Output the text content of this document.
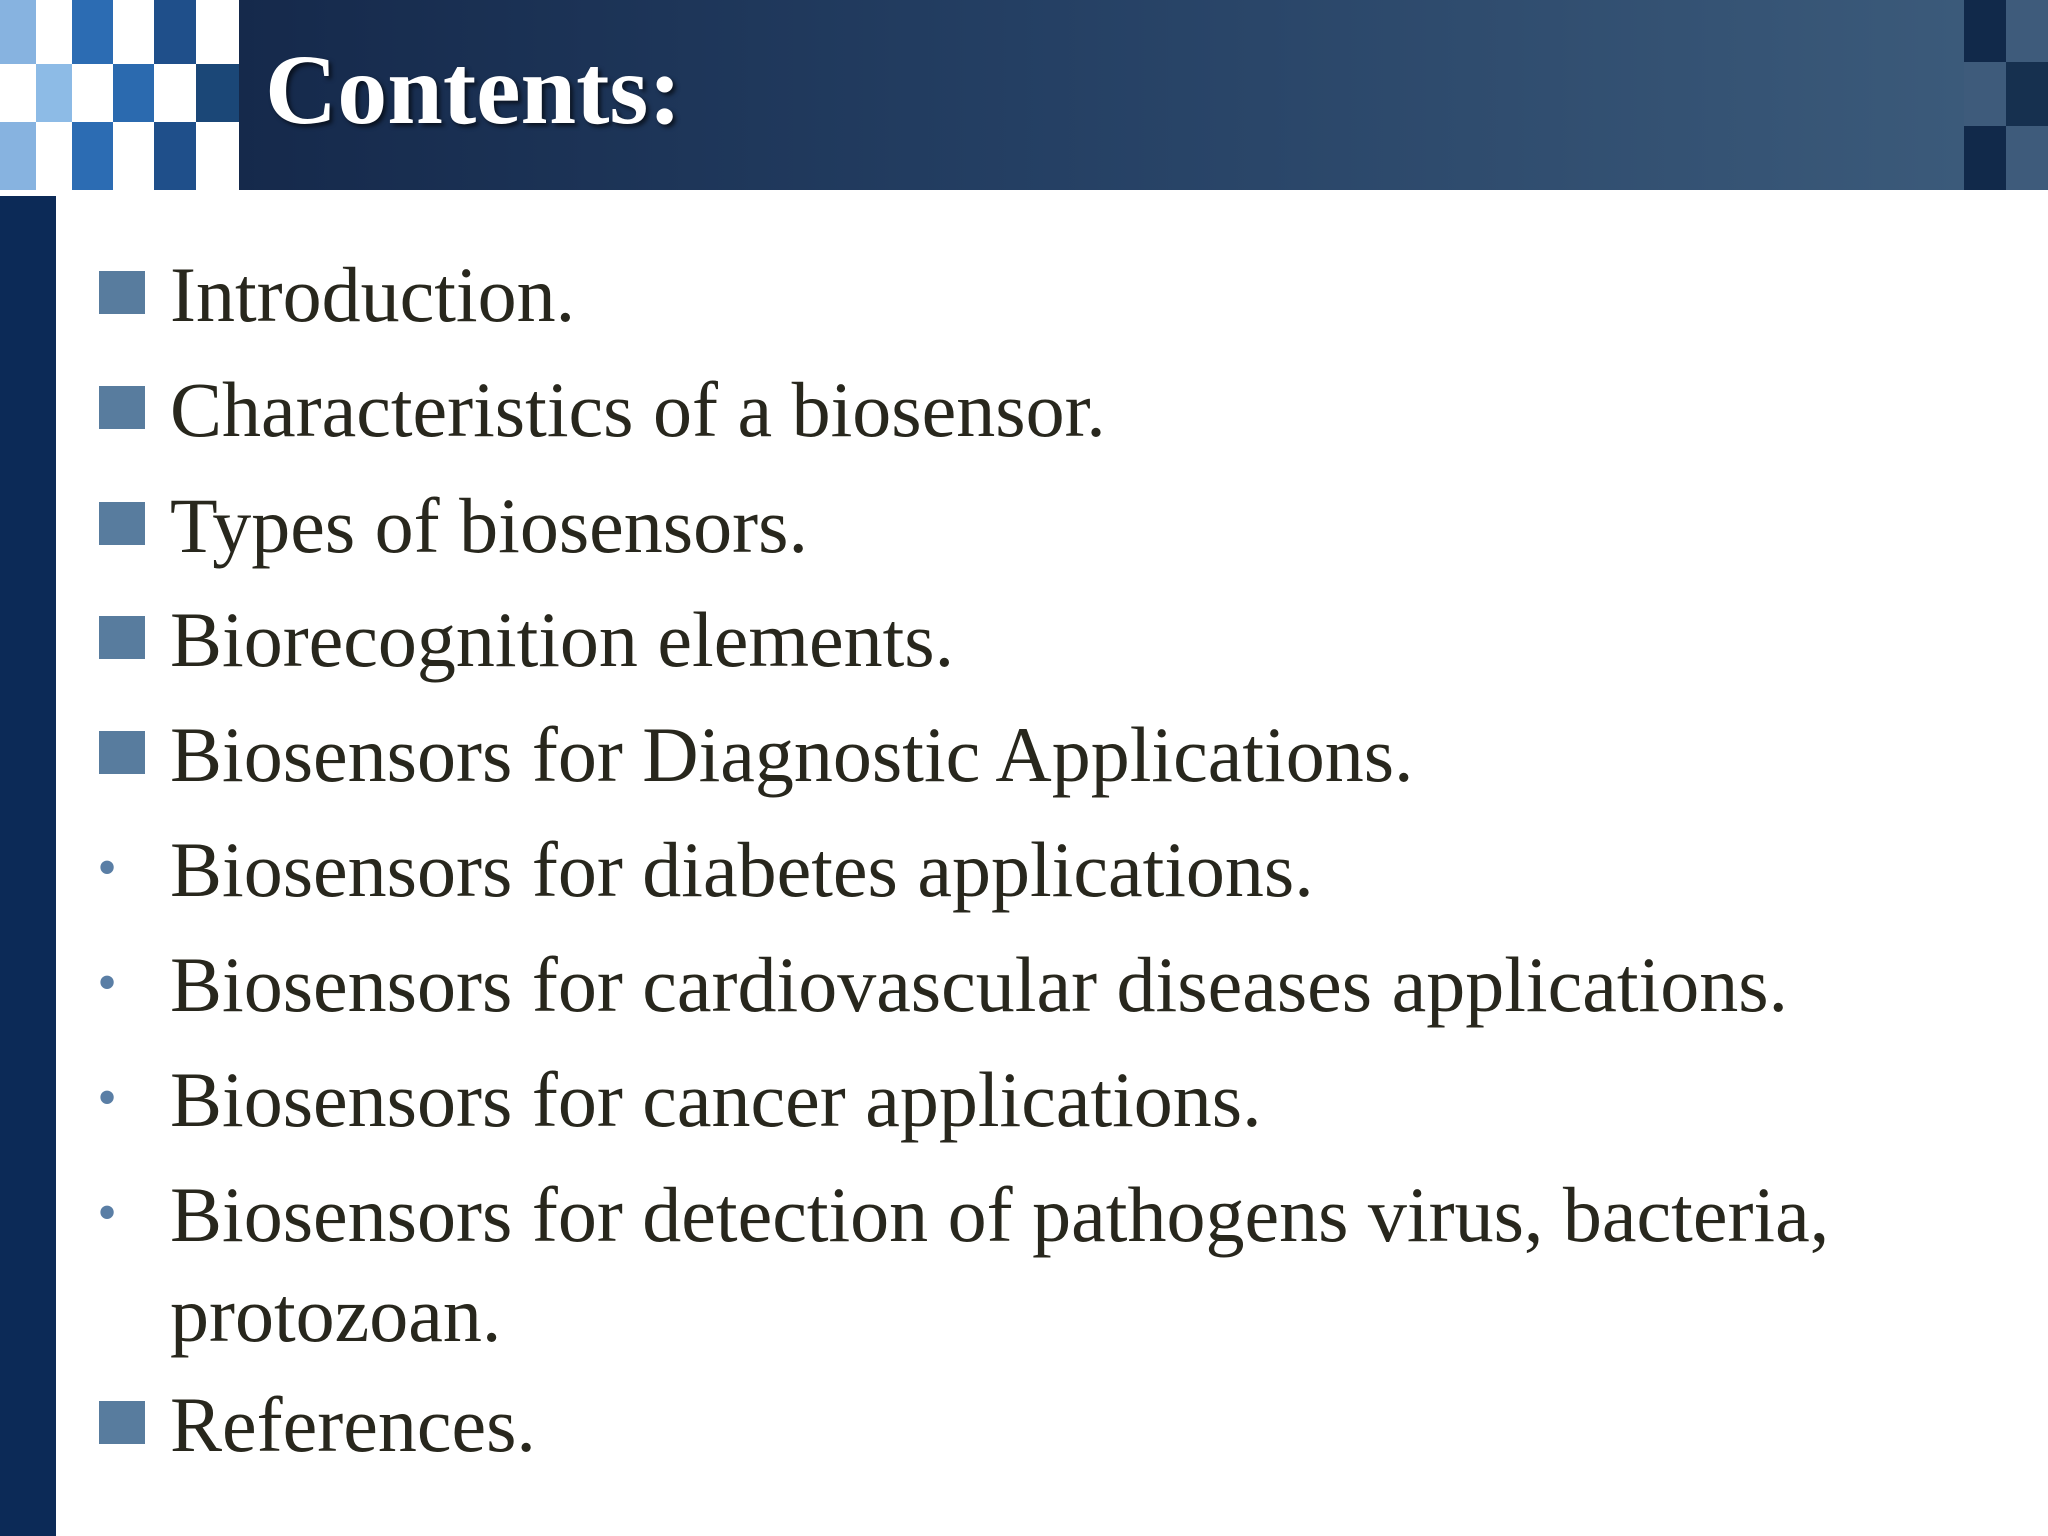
Contents:
Introduction.
Characteristics of a biosensor.
Types of biosensors.
Biorecognition elements.
Biosensors for Diagnostic Applications.
• Biosensors for diabetes applications.
• Biosensors for cardiovascular diseases applications.
• Biosensors for cancer applications.
• Biosensors for detection of pathogens virus, bacteria, protozoan.
References.
